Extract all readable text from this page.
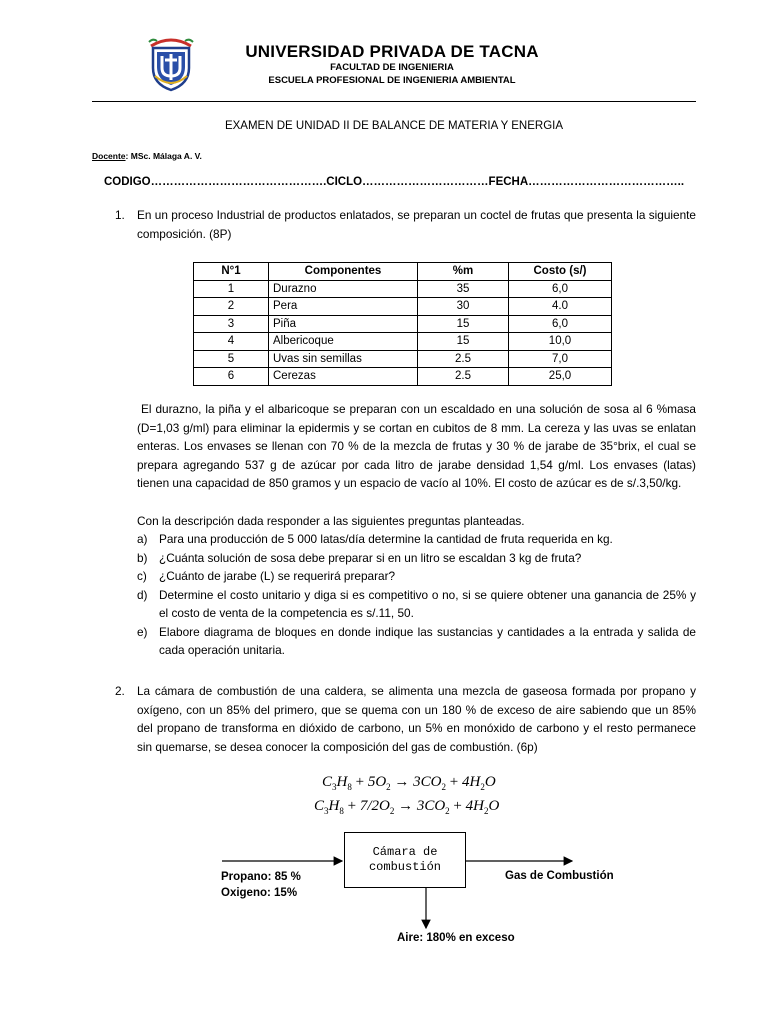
UNIVERSIDAD PRIVADA DE TACNA
FACULTAD DE INGENIERIA
ESCUELA PROFESIONAL DE INGENIERIA AMBIENTAL
EXAMEN DE UNIDAD II DE BALANCE DE MATERIA Y ENERGIA
Docente: MSc. Málaga A. V.
CODIGO……………………………………….CICLO……………………………FECHA…………………………………..
1. En un proceso Industrial de productos enlatados, se preparan un coctel de frutas que presenta la siguiente composición. (8P)
N°1	Componentes	%m	Costo (s/)
1	Durazno	35	6,0
2	Pera	30	4.0
3	Piña	15	6,0
4	Albericoque	15	10,0
5	Uvas sin semillas	2.5	7,0
6	Cerezas	2.5	25,0
El durazno, la piña y el albaricoque se preparan con un escaldado en una solución de sosa al 6 %masa (D=1,03 g/ml) para eliminar la epidermis y se cortan en cubitos de 8 mm. La cereza y las uvas se enlatan enteras. Los envases se llenan con 70 % de la mezcla de frutas y 30 % de jarabe de 35°brix, el cual se prepara agregando 537 g de azúcar por cada litro de jarabe densidad 1,54 g/ml. Los envases (latas) tienen una capacidad de 850 gramos y un espacio de vacío al 10%. El costo de azúcar es de s/.3,50/kg.
Con la descripción dada responder a las siguientes preguntas planteadas.
a) Para una producción de 5 000 latas/día determine la cantidad de fruta requerida en kg.
b) ¿Cuánta solución de sosa debe preparar si en un litro se escaldan 3 kg de fruta?
c)	¿Cuánto de jarabe (L) se requerirá preparar?
d) Determine el costo unitario y diga si es competitivo o no, si se quiere obtener una ganancia de 25% y el costo de venta de la competencia es s/.11, 50.
e) Elabore diagrama de bloques en donde indique las sustancias y cantidades a la entrada y salida de cada operación unitaria.
2. La cámara de combustión de una caldera, se alimenta una mezcla de gaseosa formada por propano y oxígeno, con un 85% del primero, que se quema con un 180 % de exceso de aire sabiendo que un 85% del propano de transforma en dióxido de carbono, un 5% en monóxido de carbono y el resto permanece sin quemarse, se desea conocer la composición del gas de combustión. (6p)
$C_3H_8 + 5O_2 \to 3CO_2 + 4H_2O$
$C_3H_8 + 7/2O_2 \to 3CO_2 + 4H_2O$
Cámara de
combustión
Propano: 85 %
Oxigeno: 15%
Gas de Combustión
Aire: 180% en exceso
